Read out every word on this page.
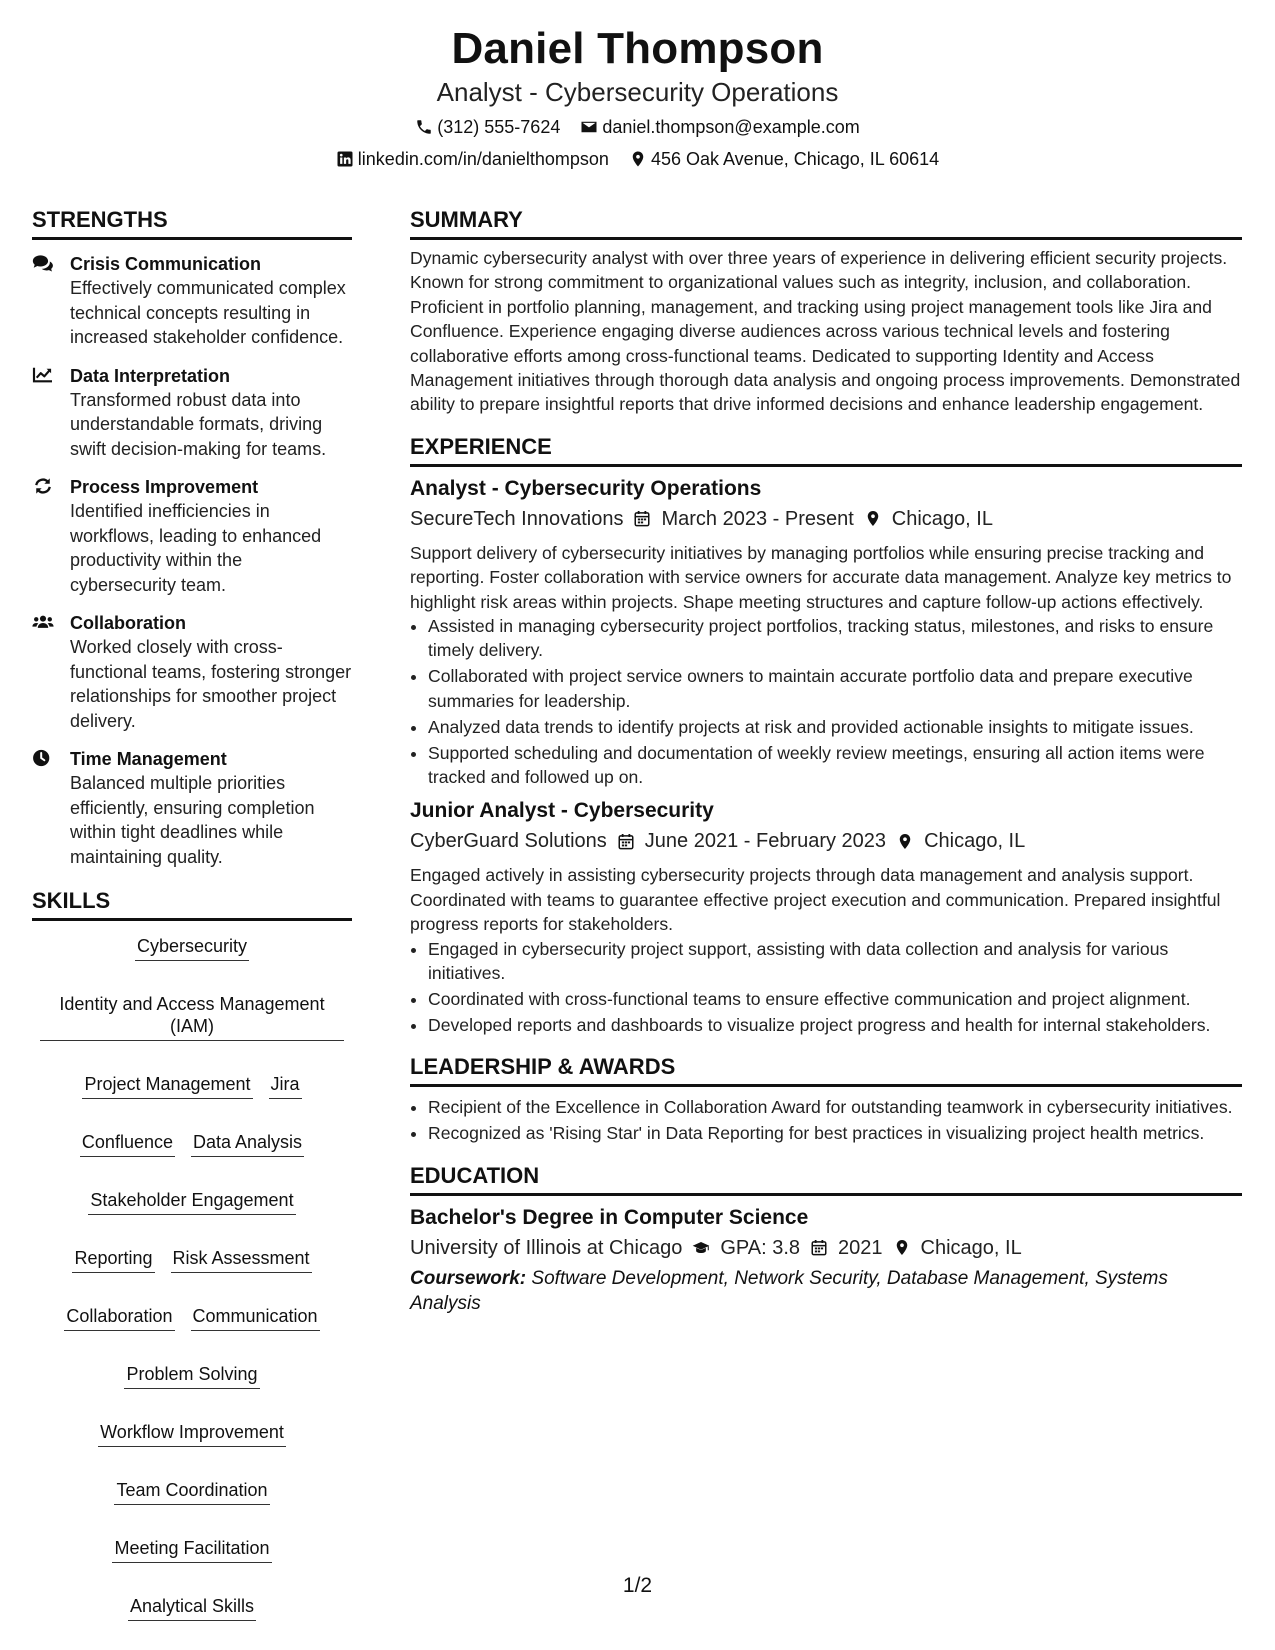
Daniel Thompson
Analyst - Cybersecurity Operations
(312) 555-7624 daniel.thompson@example.com
linkedin.com/in/danielthompson 456 Oak Avenue, Chicago, IL 60614
STRENGTHS
Crisis Communication
Effectively communicated complex technical concepts resulting in increased stakeholder confidence.
Data Interpretation
Transformed robust data into understandable formats, driving swift decision-making for teams.
Process Improvement
Identified inefficiencies in workflows, leading to enhanced productivity within the cybersecurity team.
Collaboration
Worked closely with cross-functional teams, fostering stronger relationships for smoother project delivery.
Time Management
Balanced multiple priorities efficiently, ensuring completion within tight deadlines while maintaining quality.
SKILLS
Cybersecurity
Identity and Access Management (IAM)
Project Management Jira
Confluence Data Analysis
Stakeholder Engagement
Reporting Risk Assessment
Collaboration Communication
Problem Solving
Workflow Improvement
Team Coordination
Meeting Facilitation
Analytical Skills
SUMMARY
Dynamic cybersecurity analyst with over three years of experience in delivering efficient security projects. Known for strong commitment to organizational values such as integrity, inclusion, and collaboration. Proficient in portfolio planning, management, and tracking using project management tools like Jira and Confluence. Experience engaging diverse audiences across various technical levels and fostering collaborative efforts among cross-functional teams. Dedicated to supporting Identity and Access Management initiatives through thorough data analysis and ongoing process improvements. Demonstrated ability to prepare insightful reports that drive informed decisions and enhance leadership engagement.
EXPERIENCE
Analyst - Cybersecurity Operations
SecureTech Innovations March 2023 - Present Chicago, IL
Support delivery of cybersecurity initiatives by managing portfolios while ensuring precise tracking and reporting. Foster collaboration with service owners for accurate data management. Analyze key metrics to highlight risk areas within projects. Shape meeting structures and capture follow-up actions effectively.
• Assisted in managing cybersecurity project portfolios, tracking status, milestones, and risks to ensure timely delivery.
• Collaborated with project service owners to maintain accurate portfolio data and prepare executive summaries for leadership.
• Analyzed data trends to identify projects at risk and provided actionable insights to mitigate issues.
• Supported scheduling and documentation of weekly review meetings, ensuring all action items were tracked and followed up on.
Junior Analyst - Cybersecurity
CyberGuard Solutions June 2021 - February 2023 Chicago, IL
Engaged actively in assisting cybersecurity projects through data management and analysis support. Coordinated with teams to guarantee effective project execution and communication. Prepared insightful progress reports for stakeholders.
• Engaged in cybersecurity project support, assisting with data collection and analysis for various initiatives.
• Coordinated with cross-functional teams to ensure effective communication and project alignment.
• Developed reports and dashboards to visualize project progress and health for internal stakeholders.
LEADERSHIP & AWARDS
• Recipient of the Excellence in Collaboration Award for outstanding teamwork in cybersecurity initiatives.
• Recognized as 'Rising Star' in Data Reporting for best practices in visualizing project health metrics.
EDUCATION
Bachelor's Degree in Computer Science
University of Illinois at Chicago GPA: 3.8 2021 Chicago, IL
Coursework: Software Development, Network Security, Database Management, Systems Analysis
1/2
